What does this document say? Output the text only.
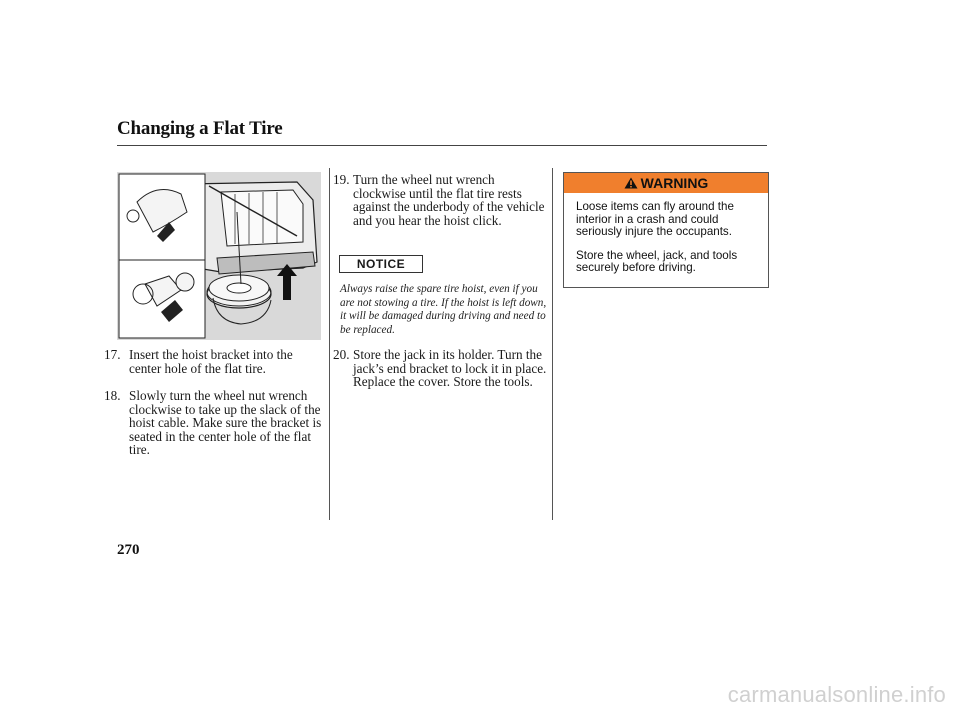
Changing a Flat Tire
17. Insert the hoist bracket into the center hole of the flat tire.
18. Slowly turn the wheel nut wrench clockwise to take up the slack of the hoist cable. Make sure the bracket is seated in the center hole of the flat tire.
19. Turn the wheel nut wrench clockwise until the flat tire rests against the underbody of the vehicle and you hear the hoist click.
NOTICE
Always raise the spare tire hoist, even if you are not stowing a tire. If the hoist is left down, it will be damaged during driving and need to be replaced.
20. Store the jack in its holder. Turn the jack’s end bracket to lock it in place. Replace the cover. Store the tools.
WARNING

Loose items can fly around the interior in a crash and could seriously injure the occupants.

Store the wheel, jack, and tools securely before driving.

270
carmanualsonline.info
